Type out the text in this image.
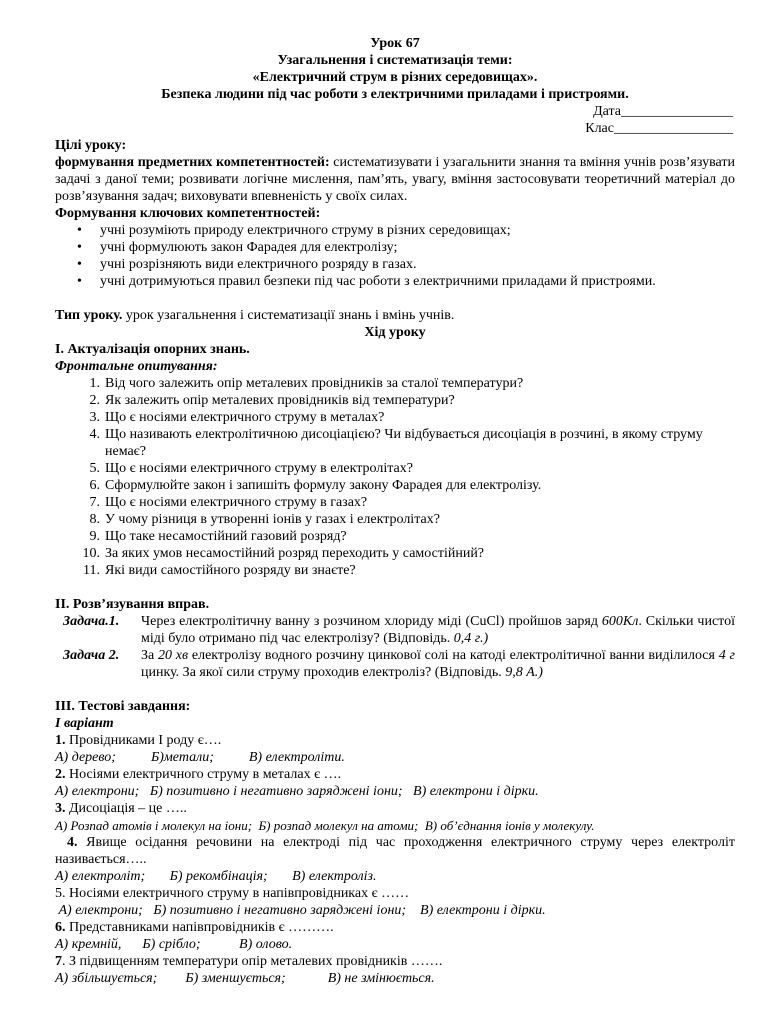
Урок 67
Узагальнення і систематизація теми:
«Електричний струм в різних середовищах».
Безпека людини під час роботи з електричними приладами і пристроями.
Дата________________
Клас_________________
Цілі уроку:
формування предметних компетентностей: систематизувати і узагальнити знання та вміння учнів розв’язувати задачі з даної теми; розвивати логічне мислення, пам’ять, увагу, вміння застосовувати теоретичний матеріал до розв’язування задач; виховувати впевненість у своїх силах.
Формування ключових компетентностей:
• учні розуміють природу електричного струму в різних середовищах;
• учні формулюють закон Фарадея для електролізу;
• учні розрізняють види електричного розряду в газах.
• учні дотримуються правил безпеки під час роботи з електричними приладами й пристроями.
Тип уроку. урок узагальнення і систематизації знань і вмінь учнів.
Хід уроку
I. Актуалізація опорних знань.
Фронтальне опитування:
1. Від чого залежить опір металевих провідників за сталої температури?
2. Як залежить опір металевих провідників від температури?
3. Що є носіями електричного струму в металах?
4. Що називають електролітичною дисоціацією? Чи відбувається дисоціація в розчині, в якому струму немає?
5. Що є носіями електричного струму в електролітах?
6. Сформулюйте закон і запишіть формулу закону Фарадея для електролізу.
7. Що є носіями електричного струму в газах?
8. У чому різниця в утворенні іонів у газах і електролітах?
9. Що таке несамостійний газовий розряд?
10. За яких умов несамостійний розряд переходить у самостійний?
11. Які види самостійного розряду ви знаєте?
II. Розв’язування вправ.
Задача.1.	Через електролітичну ванну з розчином хлориду міді (CuCl) пройшов заряд 600Кл. Скільки чистої міді було отримано під час електролізу? (Відповідь. 0,4 г.)
Задача 2.	За 20 хв електролізу водного розчину цинкової солі на катоді електролітичної ванни виділилося 4 г цинку. За якої сили струму проходив електроліз? (Відповідь. 9,8 А.)
III. Тестові завдання:
I варіант
1. Провідниками I роду є….
А) дерево;          Б)метали;          В) електроліти.
2. Носіями електричного струму в металах є ….
А) електрони;   Б) позитивно і негативно заряджені іони;   В) електрони і дірки.
3. Дисоціація – це …..
А) Розпад атомів і молекул на іони;  Б) розпад молекул на атоми;  В) об’єднання іонів у молекулу.
4. Явище осідання речовини на електроді під час проходження електричного струму через електроліт називається…..
А) електроліт;       Б) рекомбінація;       В) електроліз.
5. Носіями електричного струму в напівпровідниках є ……
А) електрони;   Б) позитивно і негативно заряджені іони;    В) електрони і дірки.
6. Представниками напівпровідників є ……….
А) кремній,      Б) срібло;           В) олово.
7. З підвищенням температури опір металевих провідників …….
А) збільшується;        Б) зменшується;            В) не змінюється.
